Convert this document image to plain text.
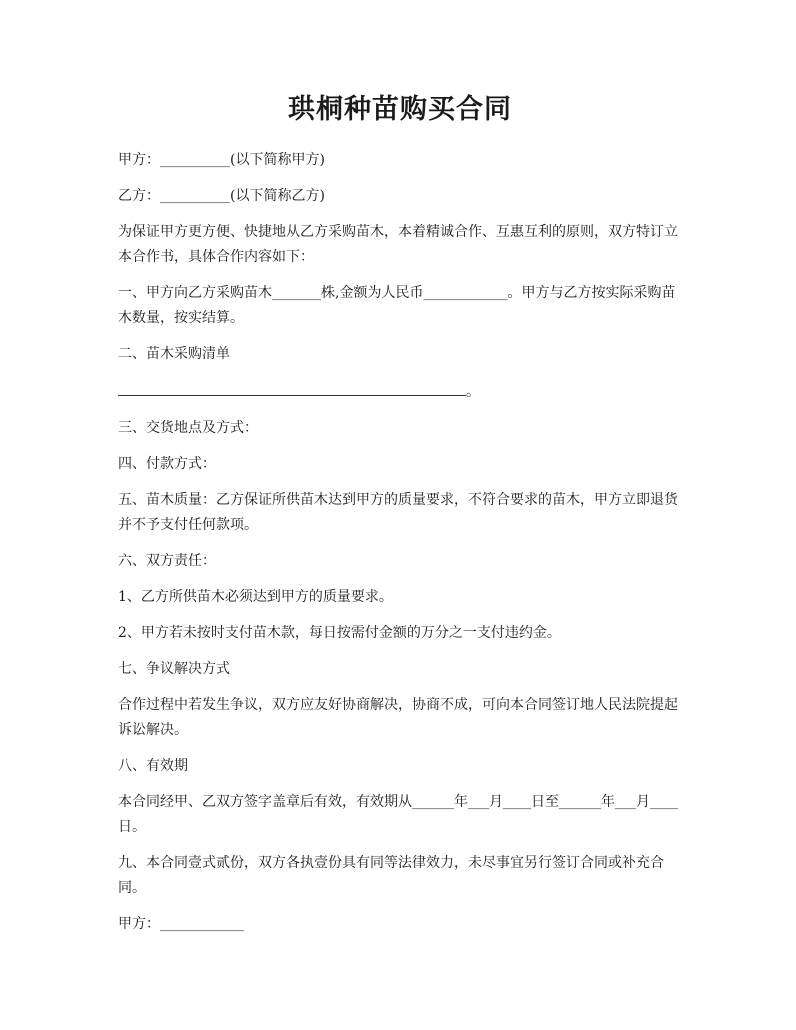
珙桐种苗购买合同

甲方：__________(以下简称甲方)

乙方：__________(以下简称乙方)

为保证甲方更方便、快捷地从乙方采购苗木，本着精诚合作、互惠互利的原则，双方特订立本合作书，具体合作内容如下：

一、甲方向乙方采购苗木_______株,金额为人民币____________。甲方与乙方按实际采购苗木数量，按实结算。

二、苗木采购清单

。

三、交货地点及方式：

四、付款方式：

五、苗木质量：乙方保证所供苗木达到甲方的质量要求，不符合要求的苗木，甲方立即退货并不予支付任何款项。

六、双方责任：

1、乙方所供苗木必须达到甲方的质量要求。

2、甲方若未按时支付苗木款，每日按需付金额的万分之一支付违约金。

七、争议解决方式

合作过程中若发生争议，双方应友好协商解决，协商不成，可向本合同签订地人民法院提起诉讼解决。

八、有效期

本合同经甲、乙双方签字盖章后有效，有效期从______年___月____日至______年___月____日。

九、本合同壹式贰份，双方各执壹份具有同等法律效力，未尽事宜另行签订合同或补充合同。

甲方：____________
